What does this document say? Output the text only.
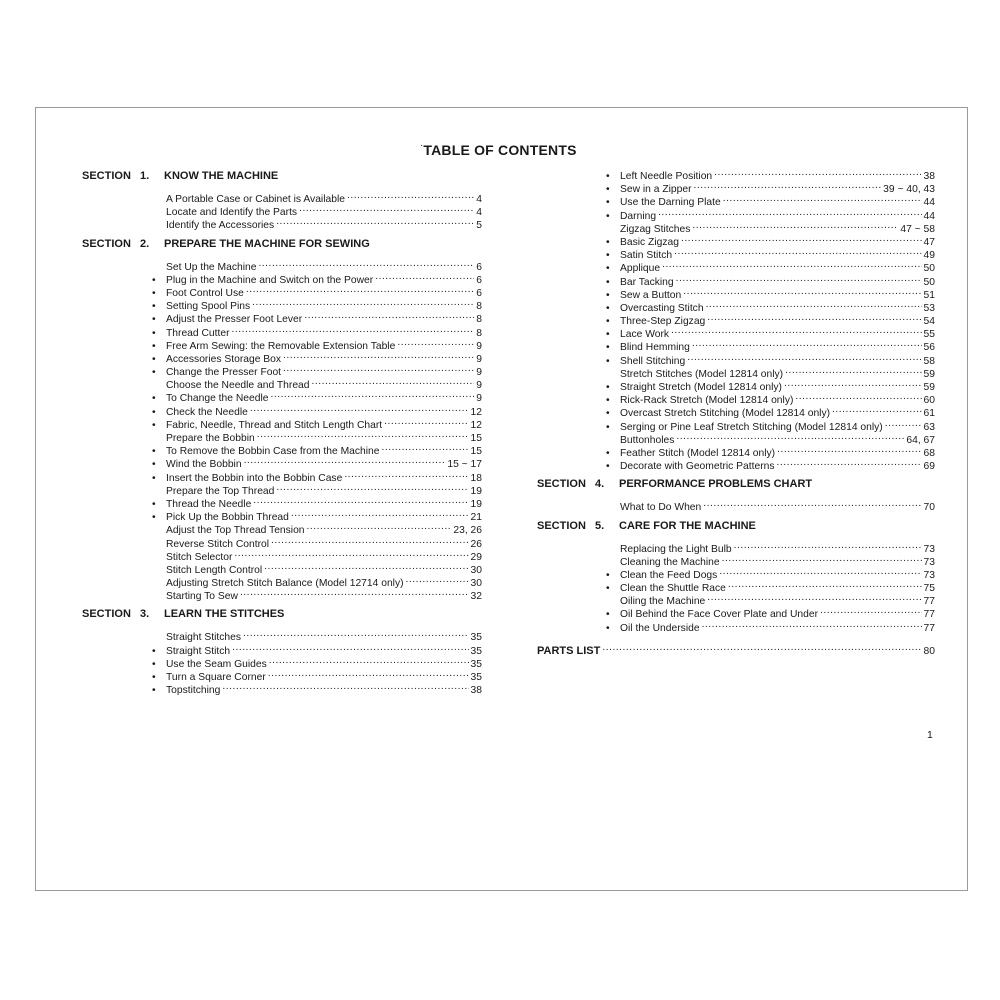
· TABLE OF CONTENTS
SECTION 1.	KNOW THE MACHINE
A Portable Case or Cabinet is Available .....	4
Locate and Identify the Parts .....	4
Identify the Accessories .....	5
SECTION 2.	PREPARE THE MACHINE FOR SEWING
Set Up the Machine .....	6
•	Plug in the Machine and Switch on the Power .....	6
•	Foot Control Use .....	6
•	Setting Spool Pins .....	8
•	Adjust the Presser Foot Lever .....	8
•	Thread Cutter .....	8
•	Free Arm Sewing: the Removable Extension Table .....	9
•	Accessories Storage Box .....	9
•	Change the Presser Foot .....	9
Choose the Needle and Thread .....	9
•	To Change the Needle .....	9
•	Check the Needle .....	12
•	Fabric, Needle, Thread and Stitch Length Chart .....	12
Prepare the Bobbin .....	15
•	To Remove the Bobbin Case from the Machine .....	15
•	Wind the Bobbin .....	15 ~ 17
•	Insert the Bobbin into the Bobbin Case .....	18
Prepare the Top Thread .....	19
•	Thread the Needle .....	19
•	Pick Up the Bobbin Thread .....	21
Adjust the Top Thread Tension .....	23, 26
Reverse Stitch Control .....	26
Stitch Selector .....	29
Stitch Length Control .....	30
Adjusting Stretch Stitch Balance (Model 12714 only) .....	30
Starting To Sew .....	32
SECTION 3.	LEARN THE STITCHES
Straight Stitches .....	35
•	Straight Stitch .....	35
•	Use the Seam Guides .....	35
•	Turn a Square Corner .....	35
•	Topstitching .....	38
•	Left Needle Position .....	38
•	Sew in a Zipper .....	39 ~ 40, 43
•	Use the Darning Plate .....	44
•	Darning .....	44
Zigzag Stitches .....	47 ~ 58
•	Basic Zigzag .....	47
•	Satin Stitch .....	49
•	Applique .....	50
•	Bar Tacking .....	50
•	Sew a Button .....	51
•	Overcasting Stitch .....	53
•	Three-Step Zigzag .....	54
•	Lace Work .....	55
•	Blind Hemming .....	56
•	Shell Stitching .....	58
Stretch Stitches (Model 12814 only) .....	59
•	Straight Stretch (Model 12814 only) .....	59
•	Rick-Rack Stretch (Model 12814 only) .....	60
•	Overcast Stretch Stitching (Model 12814 only) .....	61
•	Serging or Pine Leaf Stretch Stitching (Model 12814 only) .....	63
Buttonholes .....	64, 67
•	Feather Stitch (Model 12814 only) .....	68
•	Decorate with Geometric Patterns .....	69
SECTION 4.	PERFORMANCE PROBLEMS CHART
What to Do When .....	70
SECTION 5.	CARE FOR THE MACHINE
Replacing the Light Bulb .....	73
Cleaning the Machine .....	73
•	Clean the Feed Dogs .....	73
•	Clean the Shuttle Race .....	75
Oiling the Machine .....	77
•	Oil Behind the Face Cover Plate and Under .....	77
•	Oil the Underside .....	77
PARTS LIST .....	80
1
